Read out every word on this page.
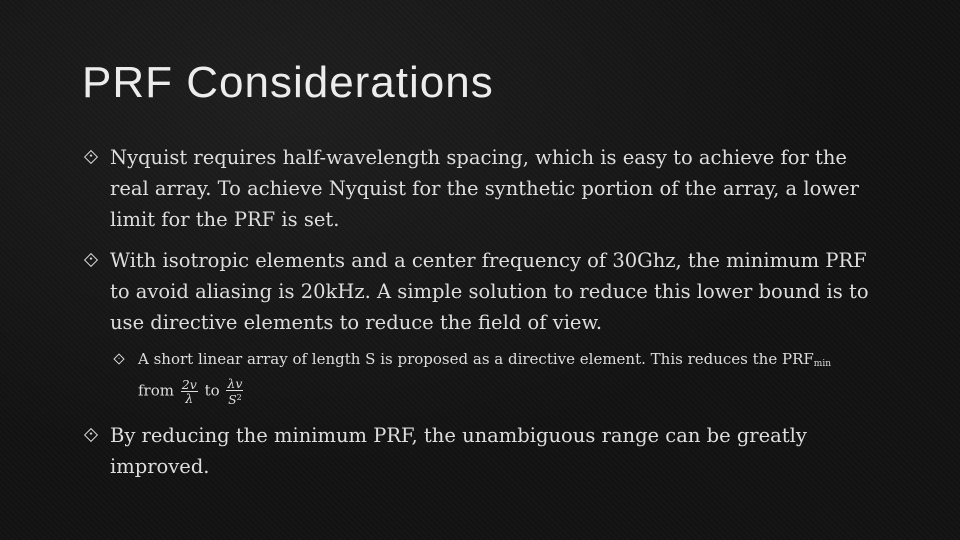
PRF Considerations
Nyquist requires half-wavelength spacing, which is easy to achieve for the real array. To achieve Nyquist for the synthetic portion of the array, a lower limit for the PRF is set.
With isotropic elements and a center frequency of 30Ghz, the minimum PRF to avoid aliasing is 20kHz. A simple solution to reduce this lower bound is to use directive elements to reduce the field of view.
A short linear array of length S is proposed as a directive element. This reduces the $PRF_{min}$
from $\frac{2v}{\lambda}$ to $\frac{\lambda v}{S^2}$
By reducing the minimum PRF, the unambiguous range can be greatly improved.
